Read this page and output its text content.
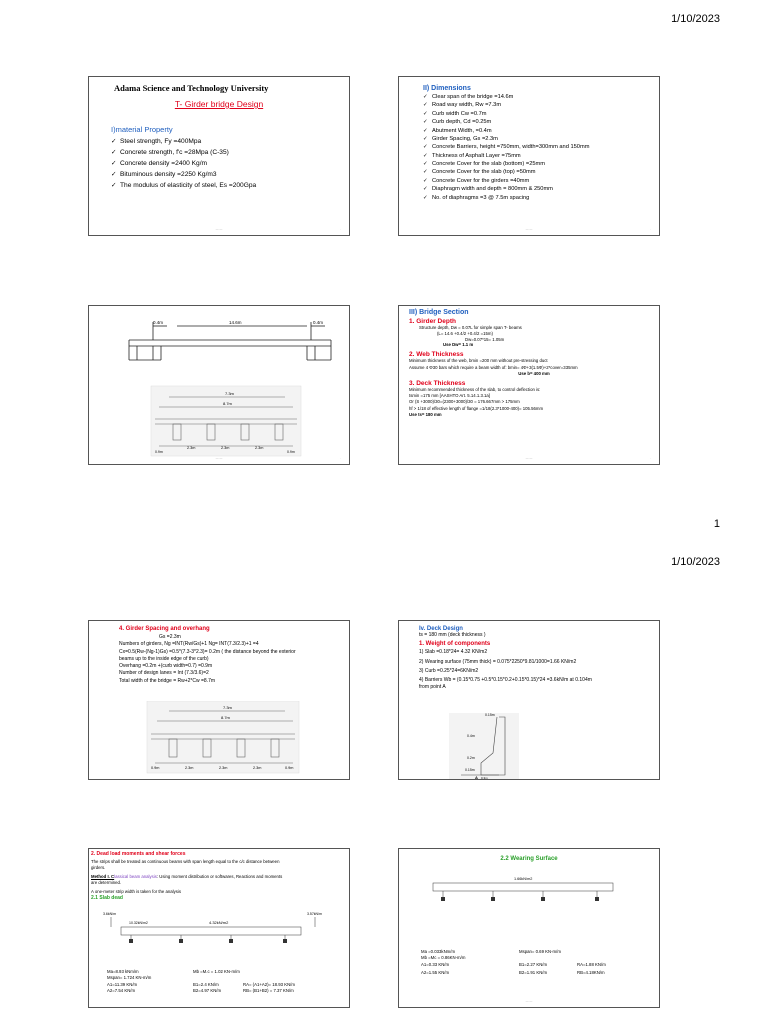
1/10/2023
Adama Science and Technology University
T- Girder bridge Design
I)material Property
✓ Steel strength, Fy =400Mpa
✓ Concrete strength, f'c =28Mpa (C-35)
✓ Concrete density =2400 Kg/m
✓ Bituminous density =2250 Kg/m3
✓ The modulus of elasticity of steel, Es =200Gpa
— —	·
II) Dimensions
✓ Clear span of the bridge =14.6m
✓ Road way width, Rw =7.3m
✓ Curb width Cw =0.7m
✓ Curb depth, Cd =0.25m
✓ Abutment Width, =0.4m
✓ Girder Spacing, Gs =2.3m
✓ Concrete Barriers, height =750mm, width=300mm and 150mm
✓ Thickness of Asphalt Layer =75mm
✓ Concrete Cover for the slab (bottom) =25mm
✓ Concrete Cover for the slab (top) =50mm
✓ Concrete Cover for the girders =40mm
✓ Diaphragm width and depth = 800mm & 250mm
✓ No. of diaphragms =3 @ 7.5m spacing
— —	·
0.4m	14.6m	0.4m
7.3m
8.7m
0.9m
2.3m	2.3m	2.3m
0.9m
— —	·
III) Bridge Section
1. Girder Depth
Structure depth, Dw = 0.07L for simple span T- beams
(L= 14.6 +0.4/2 +0.4/2 =15m)
Dw=0.07*15= 1.05m
Use Dw= 1.1 m
2. Web Thickness
Minimum thickness of the web, bmin =200 mm without pre-stressing duct
Assume 4 Φ30 bars which require a beam width of: bmin= 4Φ+3(1.5Φ)+2*cover=335mm
Use b= 400 mm
3. Deck Thickness
Minimum recommended thickness of the slab, to control deflection is:
tsmin =175 mm [AASHTO Art. 5.14.1.3.1a]
Or (S +3000)/30=(2300+3000)/30 = 176.667mm > 175mm
hf > 1/18 of effective length of flange =1/18(2.3*1000-400)= 105.56mm
Use ts= 180 mm
— —	·
1
1/10/2023
4. Girder Spacing and overhang
Gs =2.3m
Numbers of girders, Ng =INT(Rw/Gs)+1 Ng= INT(7.3/2.3)+1 =4
Cx=0.5(Rw-(Ng-1)Gs) =0.5*(7.3-3*2.3)= 0.2m ( the distance beyond the exterior
beams up to the inside edge of the curb)
Overhang =0.2m +(curb width=0.7) =0.9m
Number of design lanes = Int (7.3/3.6)=2
Total width of the bridge = Rw+2*Cw =8.7m
7.3m
8.7m
0.9m	2.3m	2.3m	2.3m	0.9m
·
Iv. Deck Design
ts = 180 mm (deck thickness )
1. Weight of components
1) Slab =0.18*24= 4.32 KN/m2
2) Wearing surface (75mm thick) = 0.075*2250*9.81/1000=1.66 KN/m2
3) Curb =0.25*24=6KN/m2
4) Barriers Wb = (0.15*0.75 +0.5*0.15*0.2+0.15*0.15)*24 =3.6kN/m at 0.104m
from point A
0.15m
0.4m
0.2m
0.15m
A 0.3m
·
2. Dead load moments and shear forces
The strips shall be treated as continuous beams with span length equal to the c/c distance between
girders.
Method I. Classical beam analysis: Using moment distribution or softwares, Reactions and moments
are determined.
A one-meter strip width is taken for the analysis
2.1 Slab dead
3.6kN/m
10.32kN/m2	4.32kN/m2
3.57kN/m
Ma=8.93 kNm/m	Mb =M.c = 1.02 KN-m/m
Mspan= 1.724 KN-m/m
A1=11.39 KN/m	B1=2.4 KN/m	RA= (A1+A2)= 18.93 KN/m
A2=7.54 KN/m	B2=4.97 KN/m	RB= (B1+B2) = 7.37 KN/m
2.2 Wearing Surface
1.66kN/m2
Ma =0.033kNm/m	Mspan= 0.69 KN-m/m
Mb =Mc = 0.86KN-m/m
A1=0.33 KN/m	B1=2.27 KN/m	RA=1.88 KN/m
A2=1.55 KN/m	B2=1.91 KN/m	RB=4.18KN/m
— —	·
